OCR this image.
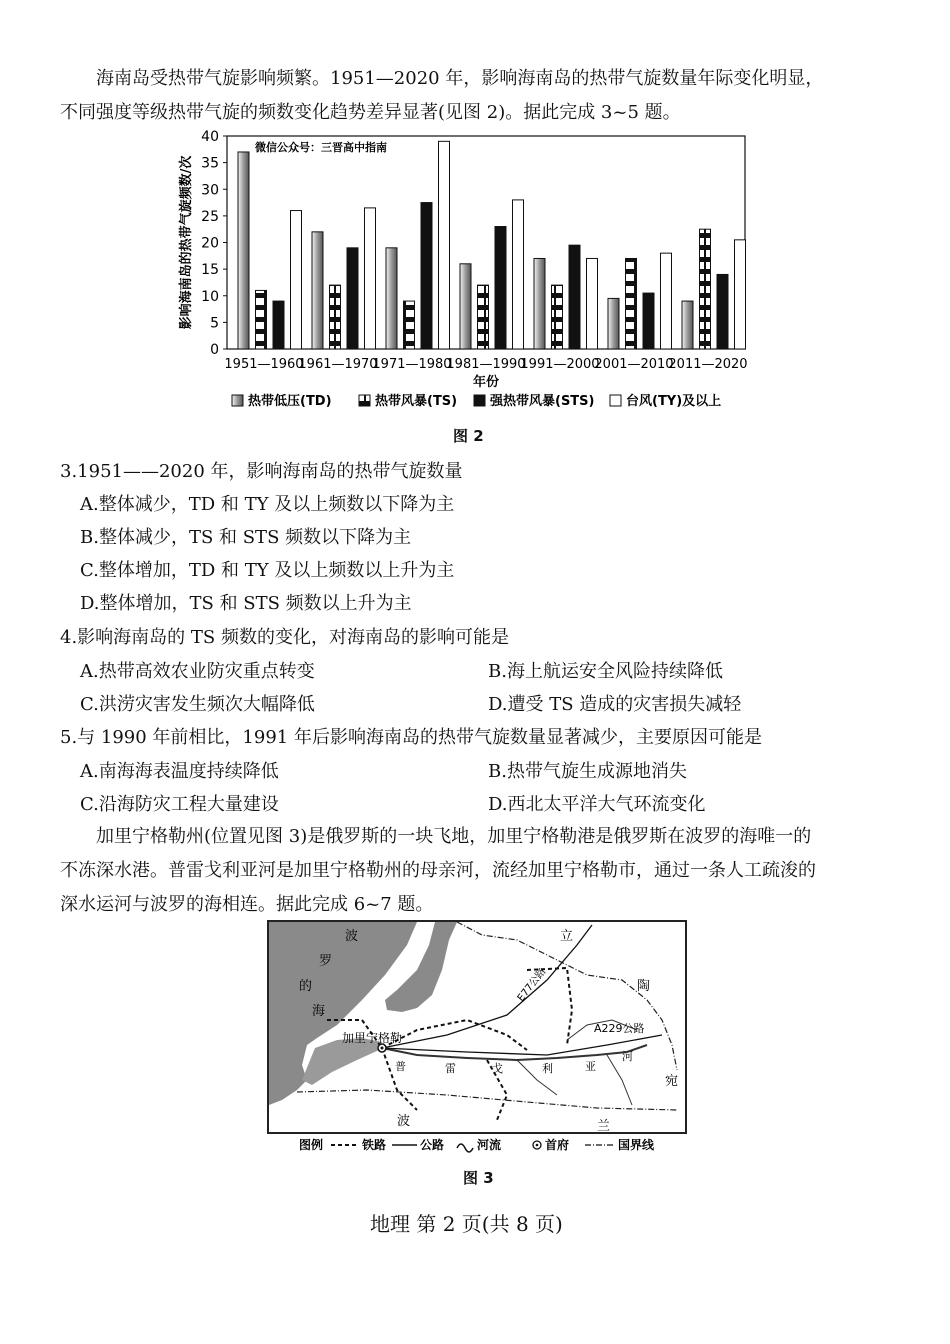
海南岛受热带气旋影响频繁。1951—2020 年，影响海南岛的热带气旋数量年际变化明显，
不同强度等级热带气旋的频数变化趋势差异显著(见图 2)。据此完成 3~5 题。
0
5
10
15
20
25
30
35
40
影响海南岛的热带气旋频数/次
微信公众号：三晋高中指南
1951—1960
1961—1970
1971—1980
1981—1990
1991—2000
2001—2010
2011—2020
年份
热带低压(TD)	热带风暴(TS)	强热带风暴(STS) 台风(TY)及以上
图 2
3.1951——2020 年，影响海南岛的热带气旋数量
A.整体减少，TD 和 TY 及以上频数以下降为主
B.整体减少，TS 和 STS 频数以下降为主
C.整体增加，TD 和 TY 及以上频数以上升为主
D.整体增加，TS 和 STS 频数以上升为主
4.影响海南岛的 TS 频数的变化，对海南岛的影响可能是
A.热带高效农业防灾重点转变	B.海上航运安全风险持续降低
C.洪涝灾害发生频次大幅降低	D.遭受 TS 造成的灾害损失减轻
5.与 1990 年前相比，1991 年后影响海南岛的热带气旋数量显著减少，主要原因可能是
A.南海海表温度持续降低	B.热带气旋生成源地消失
C.沿海防灾工程大量建设	D.西北太平洋大气环流变化
加里宁格勒州(位置见图 3)是俄罗斯的一块飞地，加里宁格勒港是俄罗斯在波罗的海唯一的
不冻深水港。普雷戈利亚河是加里宁格勒州的母亲河，流经加里宁格勒市，通过一条人工疏浚的
深水运河与波罗的海相连。据此完成 6~7 题。
波
罗
的
海
立
陶
宛
波	兰
加里宁格勒
E77公路
A229公路
普	雷	戈	利	亚
河
图例	铁路	公路	河流	首府	国界线
图 3
地理 第 2 页(共 8 页)
